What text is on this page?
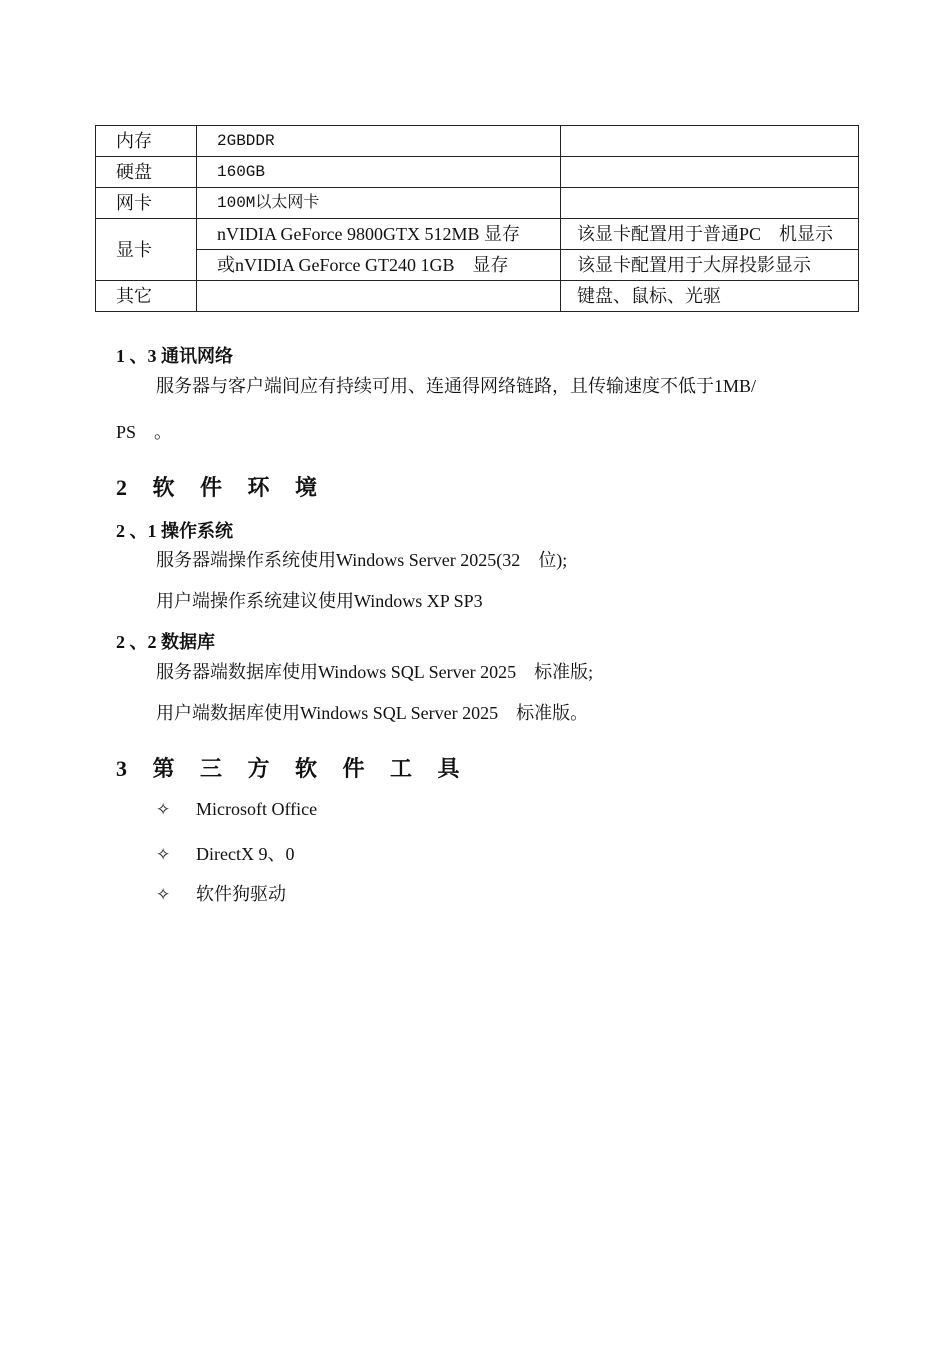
内存	2GBDDR	
硬盘	160GB	
网卡	100M以太网卡	
显卡	nVIDIA GeForce 9800GTX 512MB 显存	该显卡配置用于普通PC　机显示
	或nVIDIA GeForce GT240 1GB　显存	该显卡配置用于大屏投影显示
其它		键盘、鼠标、光驱
1 、3 通讯网络
服务器与客户端间应有持续可用、连通得网络链路，且传输速度不低于1MB/
PS　。
2 软 件 环 境
2 、1 操作系统
服务器端操作系统使用Windows Server 2025(32　位);
用户端操作系统建议使用Windows XP SP3
2 、2 数据库
服务器端数据库使用Windows SQL Server 2025　标准版;
用户端数据库使用Windows SQL Server 2025　标准版。
3 第 三 方 软 件 工 具
✧ Microsoft Office
✧ DirectX 9、0
✧ 软件狗驱动
